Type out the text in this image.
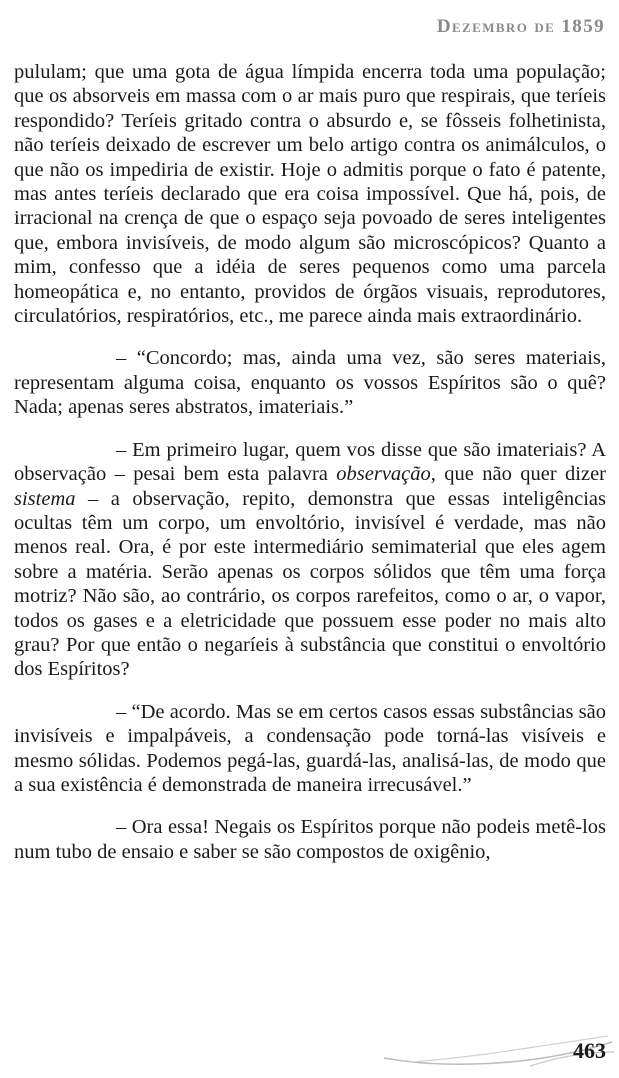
Dezembro de 1859

pululam; que uma gota de água límpida encerra toda uma população; que os absorveis em massa com o ar mais puro que respirais, que teríeis respondido? Teríeis gritado contra o absurdo e, se fôsseis folhetinista, não teríeis deixado de escrever um belo artigo contra os animálculos, o que não os impediria de existir. Hoje o admitis porque o fato é patente, mas antes teríeis declarado que era coisa impossível. Que há, pois, de irracional na crença de que o espaço seja povoado de seres inteligentes que, embora invisíveis, de modo algum são microscópicos? Quanto a mim, confesso que a idéia de seres pequenos como uma parcela homeopática e, no entanto, providos de órgãos visuais, reprodutores, circulatórios, respiratórios, etc., me parece ainda mais extraordinário.

– “Concordo; mas, ainda uma vez, são seres materiais, representam alguma coisa, enquanto os vossos Espíritos são o quê? Nada; apenas seres abstratos, imateriais.”

– Em primeiro lugar, quem vos disse que são imateriais? A observação – pesai bem esta palavra observação, que não quer dizer sistema – a observação, repito, demonstra que essas inteligências ocultas têm um corpo, um envoltório, invisível é verdade, mas não menos real. Ora, é por este intermediário semimaterial que eles agem sobre a matéria. Serão apenas os corpos sólidos que têm uma força motriz? Não são, ao contrário, os corpos rarefeitos, como o ar, o vapor, todos os gases e a eletricidade que possuem esse poder no mais alto grau? Por que então o negaríeis à substância que constitui o envoltório dos Espíritos?

– “De acordo. Mas se em certos casos essas substâncias são invisíveis e impalpáveis, a condensação pode torná-las visíveis e mesmo sólidas. Podemos pegá-las, guardá-las, analisá-las, de modo que a sua existência é demonstrada de maneira irrecusável.”

– Ora essa! Negais os Espíritos porque não podeis metê-los num tubo de ensaio e saber se são compostos de oxigênio,

463
